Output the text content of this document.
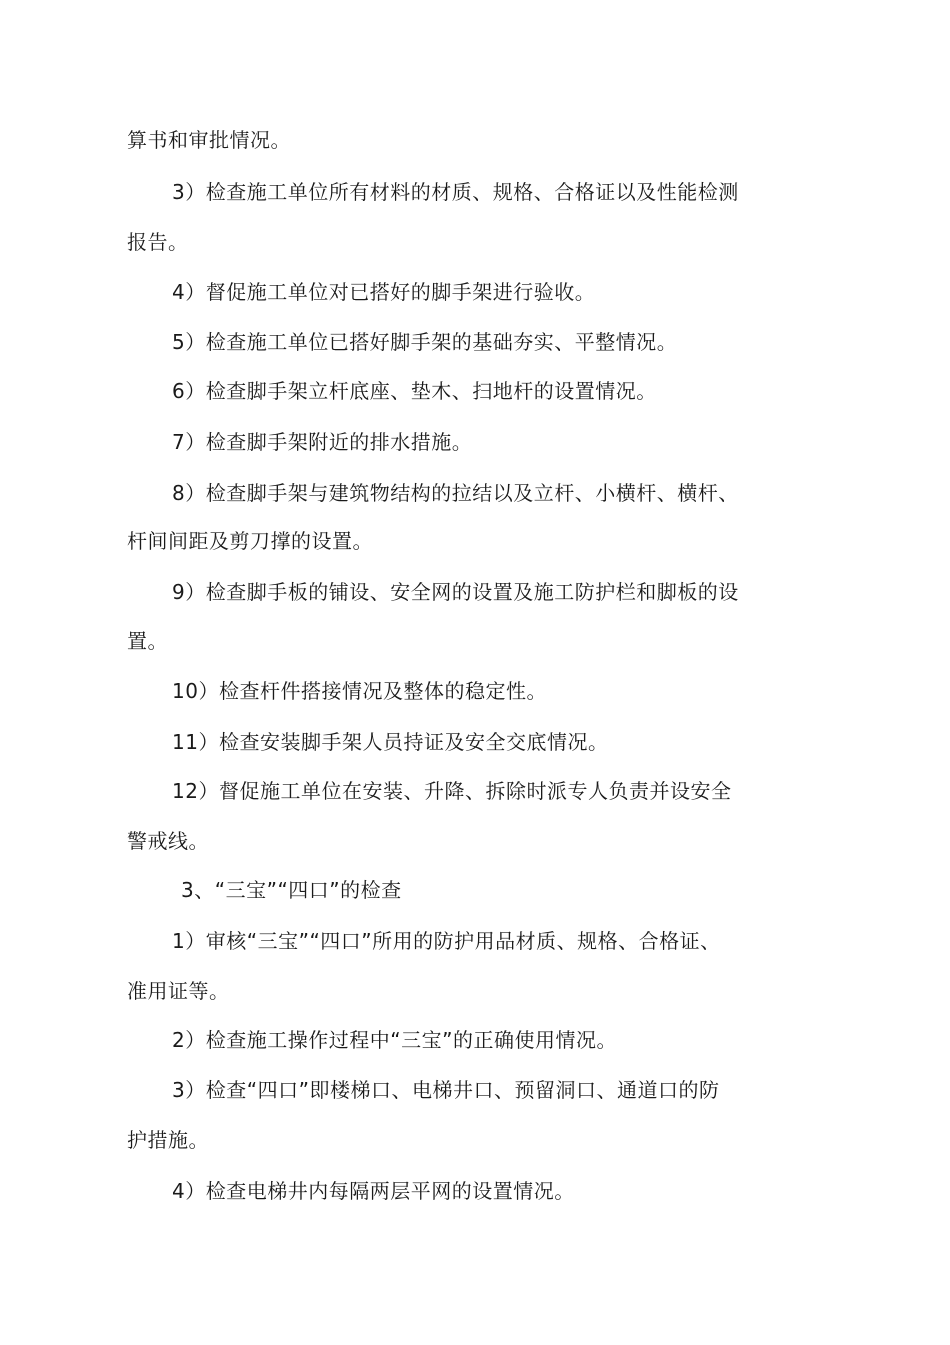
算书和审批情况。
3）检查施工单位所有材料的材质、规格、合格证以及性能检测
报告。
4）督促施工单位对已搭好的脚手架进行验收。
5）检查施工单位已搭好脚手架的基础夯实、平整情况。
6）检查脚手架立杆底座、垫木、扫地杆的设置情况。
7）检查脚手架附近的排水措施。
8）检查脚手架与建筑物结构的拉结以及立杆、小横杆、横杆、
杆间间距及剪刀撑的设置。
9）检查脚手板的铺设、安全网的设置及施工防护栏和脚板的设
置。
10）检查杆件搭接情况及整体的稳定性。
11）检查安装脚手架人员持证及安全交底情况。
12）督促施工单位在安装、升降、拆除时派专人负责并设安全
警戒线。
3、“三宝”“四口”的检查
1）审核“三宝”“四口”所用的防护用品材质、规格、合格证、
准用证等。
2）检查施工操作过程中“三宝”的正确使用情况。
3）检查“四口”即楼梯口、电梯井口、预留洞口、通道口的防
护措施。
4）检查电梯井内每隔两层平网的设置情况。
